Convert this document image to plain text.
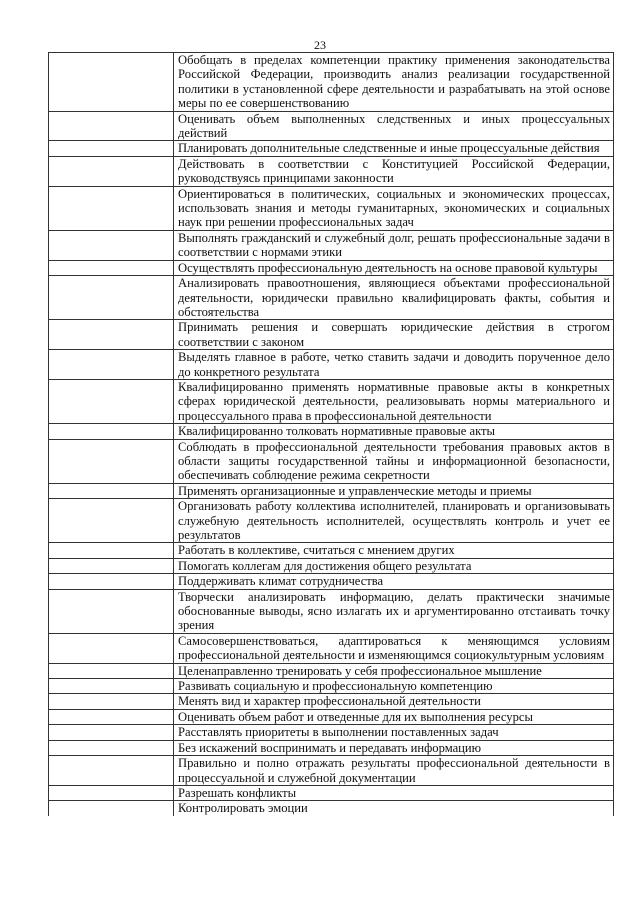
23
	Обобщать в пределах компетенции практику применения законодательства Российской Федерации, производить анализ реализации государственной политики в установленной сфере деятельности и разрабатывать на этой основе меры по ее совершенствованию
	Оценивать объем выполненных следственных и иных процессуальных действий
	Планировать дополнительные следственные и иные процессуальные действия
	Действовать в соответствии с Конституцией Российской Федерации, руководствуясь принципами законности
	Ориентироваться в политических, социальных и экономических процессах, использовать знания и методы гуманитарных, экономических и социальных наук при решении профессиональных задач
	Выполнять гражданский и служебный долг, решать профессиональные задачи в соответствии с нормами этики
	Осуществлять профессиональную деятельность на основе правовой культуры
	Анализировать правоотношения, являющиеся объектами профессиональной деятельности, юридически правильно квалифицировать факты, события и обстоятельства
	Принимать решения и совершать юридические действия в строгом соответствии с законом
	Выделять главное в работе, четко ставить задачи и доводить порученное дело до конкретного результата
	Квалифицированно применять нормативные правовые акты в конкретных сферах юридической деятельности, реализовывать нормы материального и процессуального права в профессиональной деятельности
	Квалифицированно толковать нормативные правовые акты
	Соблюдать в профессиональной деятельности требования правовых актов в области защиты государственной тайны и информационной безопасности, обеспечивать соблюдение режима секретности
	Применять организационные и управленческие методы и приемы
	Организовать работу коллектива исполнителей, планировать и организовывать служебную деятельность исполнителей, осуществлять контроль и учет ее результатов
	Работать в коллективе, считаться с мнением других
	Помогать коллегам для достижения общего результата
	Поддерживать климат сотрудничества
	Творчески анализировать информацию, делать практически значимые обоснованные выводы, ясно излагать их и аргументированно отстаивать точку зрения
	Самосовершенствоваться, адаптироваться к меняющимся условиям профессиональной деятельности и изменяющимся социокультурным условиям
	Целенаправленно тренировать у себя профессиональное мышление
	Развивать социальную и профессиональную компетенцию
	Менять вид и характер профессиональной деятельности
	Оценивать объем работ и отведенные для их выполнения ресурсы
	Расставлять приоритеты в выполнении поставленных задач
	Без искажений воспринимать и передавать информацию
	Правильно и полно отражать результаты профессиональной деятельности в процессуальной и служебной документации
	Разрешать конфликты
	Контролировать эмоции
